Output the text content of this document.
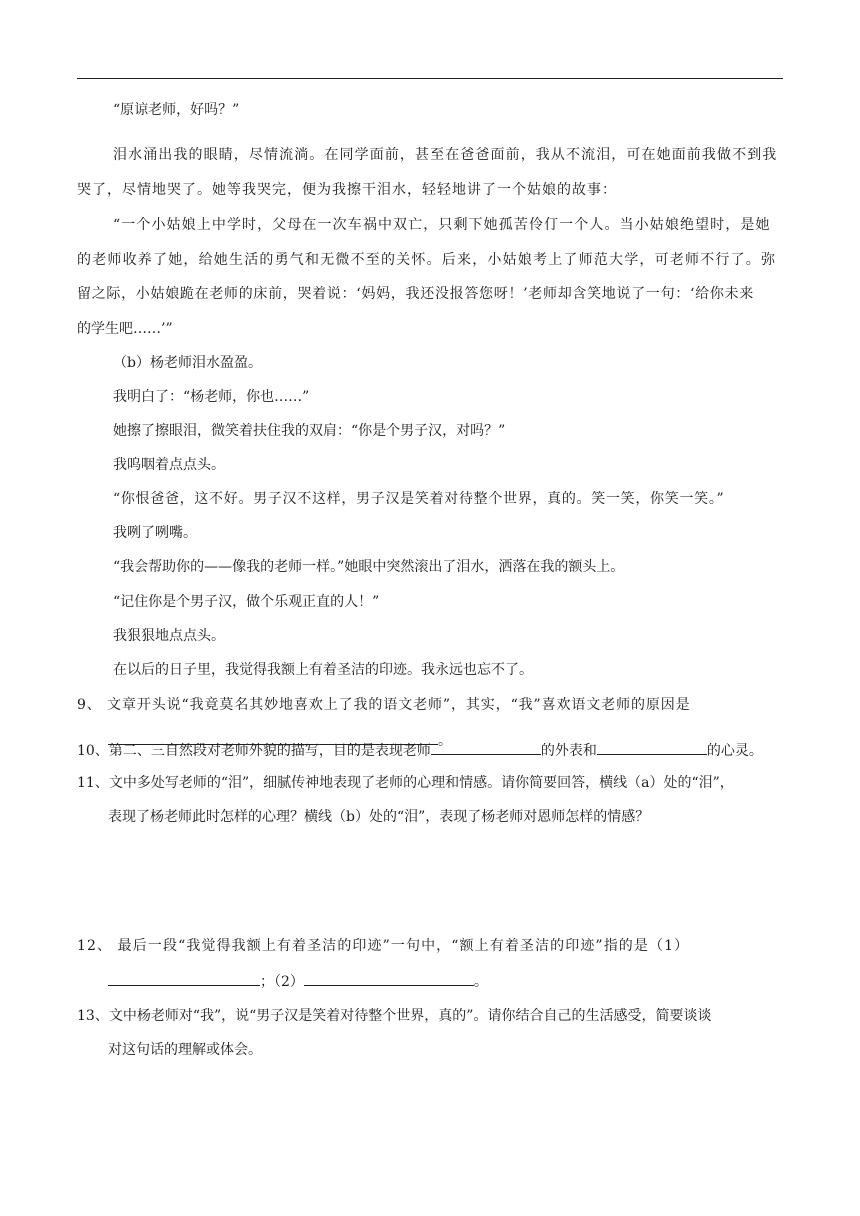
“原谅老师，好吗？”

泪水涌出我的眼睛，尽情流淌。在同学面前，甚至在爸爸面前，我从不流泪，可在她面前我做不到我

哭了，尽情地哭了。她等我哭完，便为我擦干泪水，轻轻地讲了一个姑娘的故事：

“一个小姑娘上中学时，父母在一次车祸中双亡，只剩下她孤苦伶仃一个人。当小姑娘绝望时，是她

的老师收养了她，给她生活的勇气和无微不至的关怀。后来，小姑娘考上了师范大学，可老师不行了。弥

留之际，小姑娘跪在老师的床前，哭着说：‘妈妈，我还没报答您呀！’老师却含笑地说了一句：‘给你未来

的学生吧……’”

（b）杨老师泪水盈盈。

我明白了：“杨老师，你也……”

她擦了擦眼泪，微笑着扶住我的双肩：“你是个男子汉，对吗？”

我呜咽着点点头。

“你恨爸爸，这不好。男子汉不这样，男子汉是笑着对待整个世界，真的。笑一笑，你笑一笑。”

我咧了咧嘴。

“我会帮助你的——像我的老师一样。”她眼中突然滚出了泪水，洒落在我的额头上。

“记住你是个男子汉，做个乐观正直的人！”

我狠狠地点点头。

在以后的日子里，我觉得我额上有着圣洁的印迹。我永远也忘不了。

9、 文章开头说“我竟莫名其妙地喜欢上了我的语文老师”，其实，“我”喜欢语文老师的原因是

。
10、第二、三自然段对老师外貌的描写，目的是表现老师	的外表和	的心灵。

11、文中多处写老师的“泪”，细腻传神地表现了老师的心理和情感。请你简要回答，横线（a）处的“泪”，

表现了杨老师此时怎样的心理？横线（b）处的“泪”，表现了杨老师对恩师怎样的情感？

12、 最后一段“我觉得我额上有着圣洁的印迹”一句中，“额上有着圣洁的印迹”指的是（1）

；（2）	。

13、文中杨老师对“我”，说“男子汉是笑着对待整个世界，真的”。请你结合自己的生活感受，简要谈谈

对这句话的理解或体会。
